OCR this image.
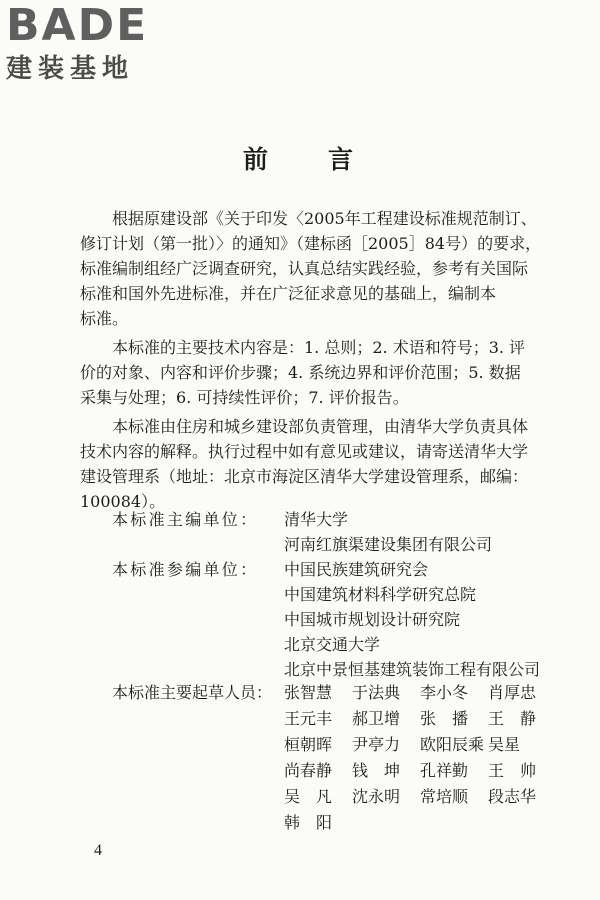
BADE
建装基地
前 言
根据原建设部《关于印发〈2005年工程建设标准规范制订、
修订计划（第一批）〉的通知》（建标函［2005］84号）的要求，
标准编制组经广泛调查研究，认真总结实践经验，参考有关国际
标准和国外先进标准，并在广泛征求意见的基础上，编制本
标准。
本标准的主要技术内容是：1. 总则；2. 术语和符号；3. 评
价的对象、内容和评价步骤；4. 系统边界和评价范围；5. 数据
采集与处理；6. 可持续性评价；7. 评价报告。
本标准由住房和城乡建设部负责管理，由清华大学负责具体
技术内容的解释。执行过程中如有意见或建议，请寄送清华大学
建设管理系（地址：北京市海淀区清华大学建设管理系，邮编：
100084）。
本标准主编单位：	清华大学
河南红旗渠建设集团有限公司
本标准参编单位：	中国民族建筑研究会
中国建筑材料科学研究总院
中国城市规划设计研究院
北京交通大学
北京中景恒基建筑装饰工程有限公司
本标准主要起草人员： 张智慧	于法典	李小冬	肖厚忠
王元丰	郝卫增	张　播	王　静
桓朝晖	尹亭力	欧阳辰乘 吴星
尚春静	钱　坤	孔祥勤	王　帅
吴　凡	沈永明	常培顺	段志华
韩　阳
4
